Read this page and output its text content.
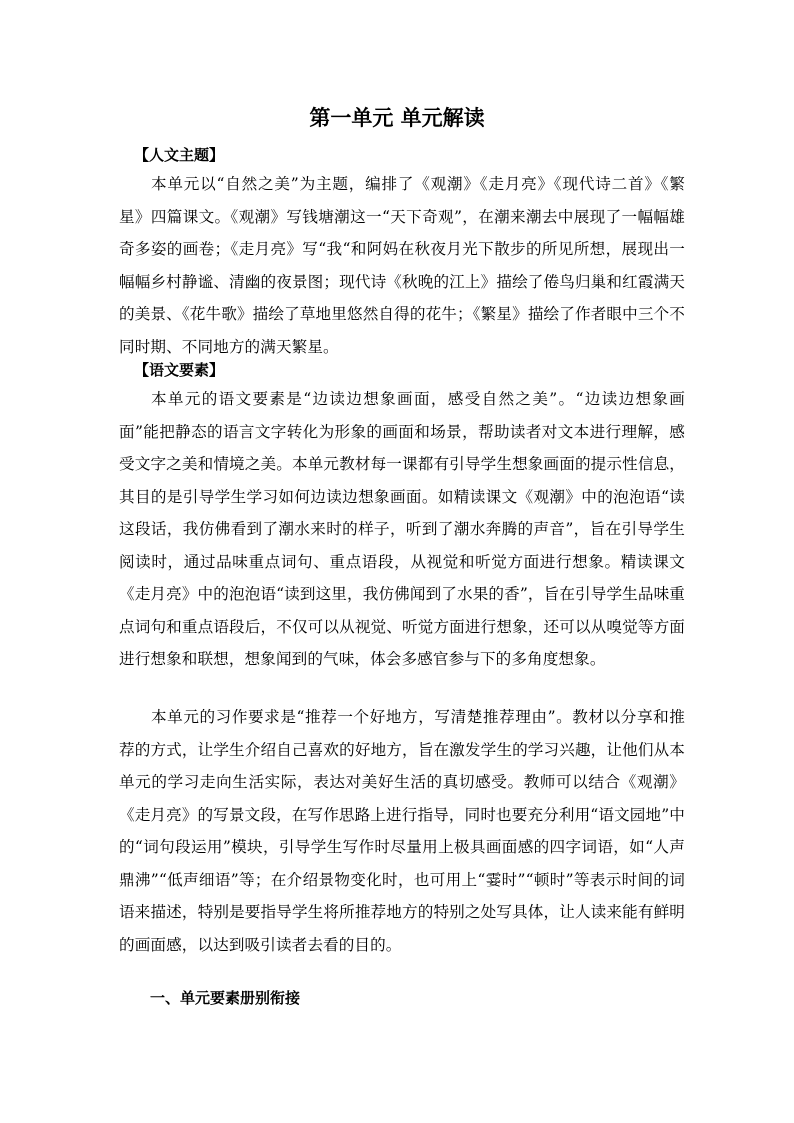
第一单元 单元解读
【人文主题】

本单元以“自然之美”为主题，编排了《观潮》《走月亮》《现代诗二首》《繁星》四篇课文。《观潮》写钱塘潮这一“天下奇观”，在潮来潮去中展现了一幅幅雄奇多姿的画卷；《走月亮》写“我“和阿妈在秋夜月光下散步的所见所想，展现出一幅幅乡村静谧、清幽的夜景图；现代诗《秋晚的江上》描绘了倦鸟归巢和红霞满天的美景、《花牛歌》描绘了草地里悠然自得的花牛；《繁星》描绘了作者眼中三个不同时期、不同地方的满天繁星。

【语文要素】

本单元的语文要素是“边读边想象画面，感受自然之美”。“边读边想象画面”能把静态的语言文字转化为形象的画面和场景，帮助读者对文本进行理解，感受文字之美和情境之美。本单元教材每一课都有引导学生想象画面的提示性信息，其目的是引导学生学习如何边读边想象画面。如精读课文《观潮》中的泡泡语“读这段话，我仿佛看到了潮水来时的样子，听到了潮水奔腾的声音”，旨在引导学生阅读时，通过品味重点词句、重点语段，从视觉和听觉方面进行想象。精读课文《走月亮》中的泡泡语“读到这里，我仿佛闻到了水果的香”，旨在引导学生品味重点词句和重点语段后，不仅可以从视觉、听觉方面进行想象，还可以从嗅觉等方面进行想象和联想，想象闻到的气味，体会多感官参与下的多角度想象。

本单元的习作要求是“推荐一个好地方，写清楚推荐理由”。教材以分享和推荐的方式，让学生介绍自己喜欢的好地方，旨在激发学生的学习兴趣，让他们从本单元的学习走向生活实际，表达对美好生活的真切感受。教师可以结合《观潮》《走月亮》的写景文段，在写作思路上进行指导，同时也要充分利用“语文园地”中的“词句段运用”模块，引导学生写作时尽量用上极具画面感的四字词语，如“人声鼎沸”“低声细语”等；在介绍景物变化时，也可用上“霎时”“顿时”等表示时间的词语来描述，特别是要指导学生将所推荐地方的特别之处写具体，让人读来能有鲜明的画面感，以达到吸引读者去看的目的。

一、单元要素册别衔接
